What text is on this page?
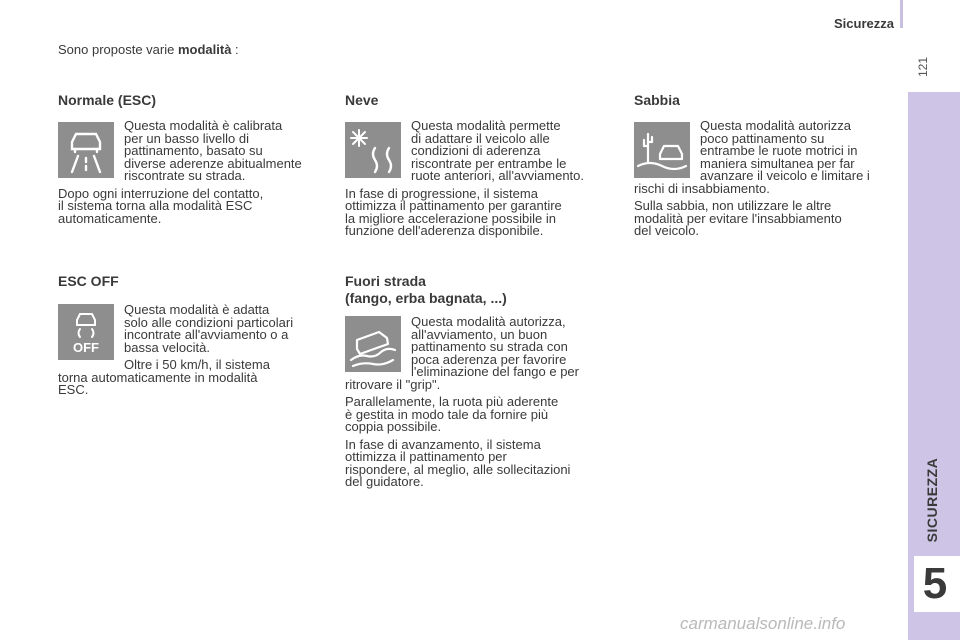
Sicurezza
121
SICUREZZA
5
Sono proposte varie modalità :
Normale (ESC)

Questa modalità è calibrata
per un basso livello di
pattinamento, basato su
diverse aderenze abitualmente
riscontrate su strada.

Dopo ogni interruzione del contatto,
il sistema torna alla modalità ESC
automaticamente.

ESC OFF
OFF

Questa modalità è adatta
solo alle condizioni particolari
incontrate all'avviamento o a
bassa velocità.

Oltre i 50 km/h, il sistema
torna automaticamente in modalità
ESC.

Neve

Questa modalità permette
di adattare il veicolo alle
condizioni di aderenza
riscontrate per entrambe le
ruote anteriori, all'avviamento.

In fase di progressione, il sistema
ottimizza il pattinamento per garantire
la migliore accelerazione possibile in
funzione dell'aderenza disponibile.

Fuori strada
(fango, erba bagnata, ...)

Questa modalità autorizza,
all'avviamento, un buon
pattinamento su strada con
poca aderenza per favorire
l'eliminazione del fango e per
ritrovare il "grip".

Parallelamente, la ruota più aderente
è gestita in modo tale da fornire più
coppia possibile.

In fase di avanzamento, il sistema
ottimizza il pattinamento per
rispondere, al meglio, alle sollecitazioni
del guidatore.

Sabbia

Questa modalità autorizza
poco pattinamento su
entrambe le ruote motrici in
maniera simultanea per far
avanzare il veicolo e limitare i
rischi di insabbiamento.

Sulla sabbia, non utilizzare le altre
modalità per evitare l'insabbiamento
del veicolo.

carmanualsonline.info
